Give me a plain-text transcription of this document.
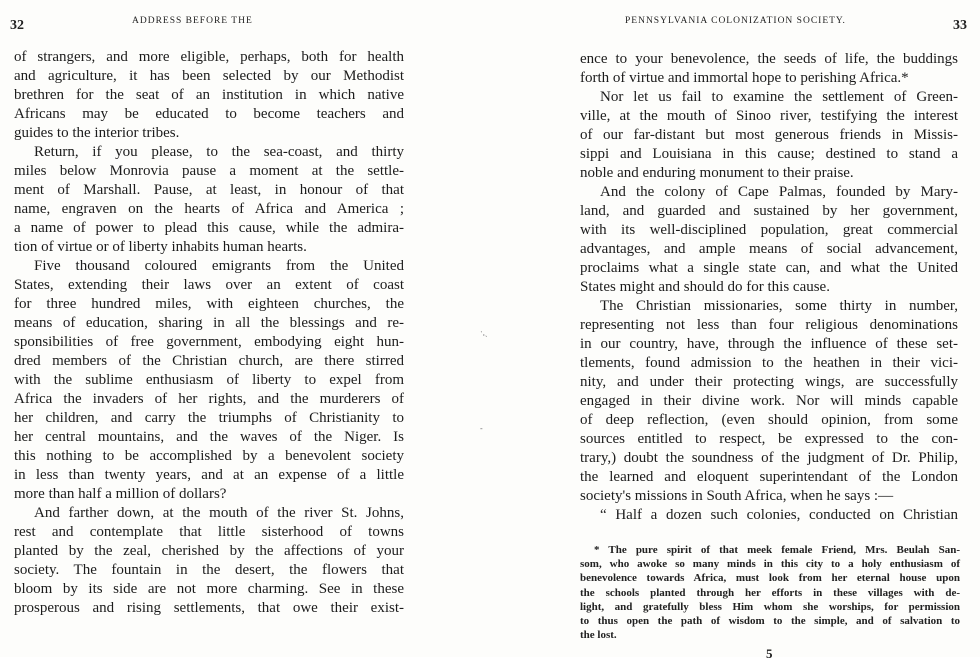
32	ADDRESS BEFORE THE
of strangers, and more eligible, perhaps, both for health
and agriculture, it has been selected by our Methodist
brethren for the seat of an institution in which native
Africans may be educated to become teachers and
guides to the interior tribes.
Return, if you please, to the sea-coast, and thirty
miles below Monrovia pause a moment at the settle-
ment of Marshall. Pause, at least, in honour of that
name, engraven on the hearts of Africa and America ;
a name of power to plead this cause, while the admira-
tion of virtue or of liberty inhabits human hearts.
Five thousand coloured emigrants from the United
States, extending their laws over an extent of coast
for three hundred miles, with eighteen churches, the
means of education, sharing in all the blessings and re-
sponsibilities of free government, embodying eight hun-
dred members of the Christian church, are there stirred
with the sublime enthusiasm of liberty to expel from
Africa the invaders of her rights, and the murderers of
her children, and carry the triumphs of Christianity to
her central mountains, and the waves of the Niger. Is
this nothing to be accomplished by a benevolent society
in less than twenty years, and at an expense of a little
more than half a million of dollars?
And farther down, at the mouth of the river St. Johns,
rest and contemplate that little sisterhood of towns
planted by the zeal, cherished by the affections of your
society. The fountain in the desert, the flowers that
bloom by its side are not more charming. See in these
prosperous and rising settlements, that owe their exist-
ˑˌˎ
-
PENNSYLVANIA COLONIZATION SOCIETY.	33
ence to your benevolence, the seeds of life, the buddings
forth of virtue and immortal hope to perishing Africa.*
Nor let us fail to examine the settlement of Green-
ville, at the mouth of Sinoo river, testifying the interest
of our far-distant but most generous friends in Missis-
sippi and Louisiana in this cause; destined to stand a
noble and enduring monument to their praise.
And the colony of Cape Palmas, founded by Mary-
land, and guarded and sustained by her government,
with its well-disciplined population, great commercial
advantages, and ample means of social advancement,
proclaims what a single state can, and what the United
States might and should do for this cause.
The Christian missionaries, some thirty in number,
representing not less than four religious denominations
in our country, have, through the influence of these set-
tlements, found admission to the heathen in their vici-
nity, and under their protecting wings, are successfully
engaged in their divine work. Nor will minds capable
of deep reflection, (even should opinion, from some
sources entitled to respect, be expressed to the con-
trary,) doubt the soundness of the judgment of Dr. Philip,
the learned and eloquent superintendant of the London
society's missions in South Africa, when he says :—
“ Half a dozen such colonies, conducted on Christian
* The pure spirit of that meek female Friend, Mrs. Beulah San-
som, who awoke so many minds in this city to a holy enthusiasm of
benevolence towards Africa, must look from her eternal house upon
the schools planted through her efforts in these villages with de-
light, and gratefully bless Him whom she worships, for permission
to thus open the path of wisdom to the simple, and of salvation to
the lost.
5
